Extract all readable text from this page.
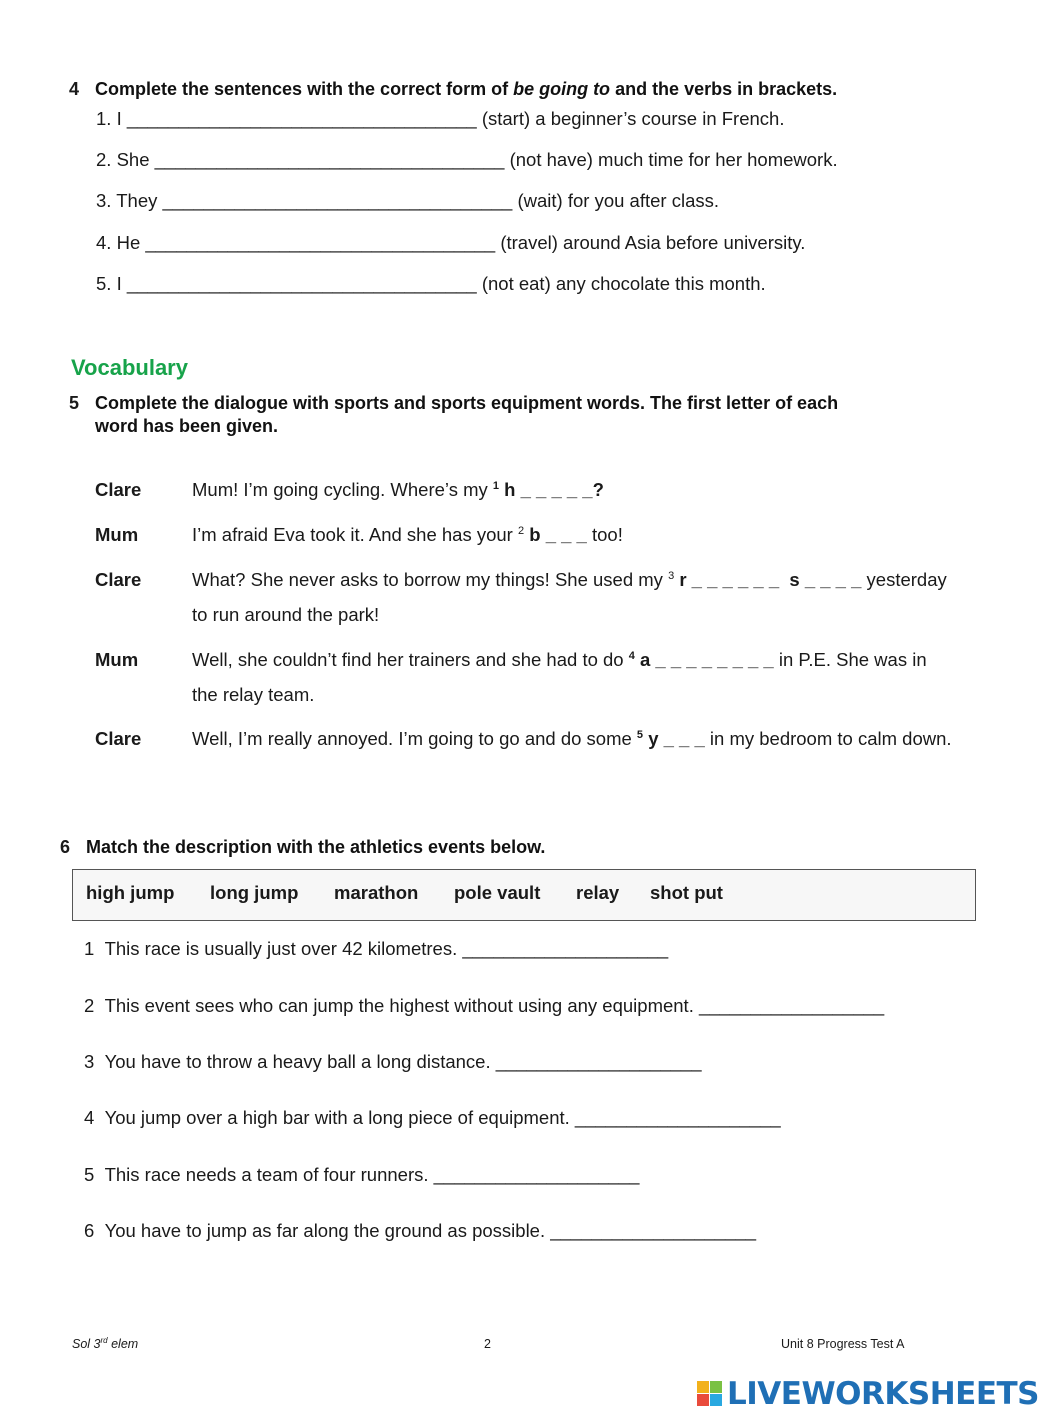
4 Complete the sentences with the correct form of be going to and the verbs in brackets.
1. I __________________________________ (start) a beginner’s course in French.
2. She __________________________________ (not have) much time for her homework.
3. They __________________________________ (wait) for you after class.
4. He __________________________________ (travel) around Asia before university.
5. I __________________________________ (not eat) any chocolate this month.
Vocabulary
5 Complete the dialogue with sports and sports equipment words. The first letter of each
word has been given.
Clare	Mum! I’m going cycling. Where’s my $^1$ h _ _ _ _ _?
Mum	I’m afraid Eva took it. And she has your $^2$ b _ _ _ too!
Clare	What? She never asks to borrow my things! She used my $^3$ r _ _ _ _ _ _  s _ _ _ _ yesterday to run around the park!
Mum	Well, she couldn’t find her trainers and she had to do $^4$ a _ _ _ _ _ _ _ _ in P.E. She was in the relay team.
Clare	Well, I’m really annoyed. I’m going to go and do some $^5$ y _ _ _ in my bedroom to calm down.
6 Match the description with the athletics events below.
high jump long jump marathon pole vault relay shot put
1 This race is usually just over 42 kilometres. ____________________
2 This event sees who can jump the highest without using any equipment. __________________
3 You have to throw a heavy ball a long distance. ____________________
4 You jump over a high bar with a long piece of equipment. ____________________
5 This race needs a team of four runners. ____________________
6 You have to jump as far along the ground as possible. ____________________
Sol 3rd elem	2	Unit 8 Progress Test A
LIVEWORKSHEETS
